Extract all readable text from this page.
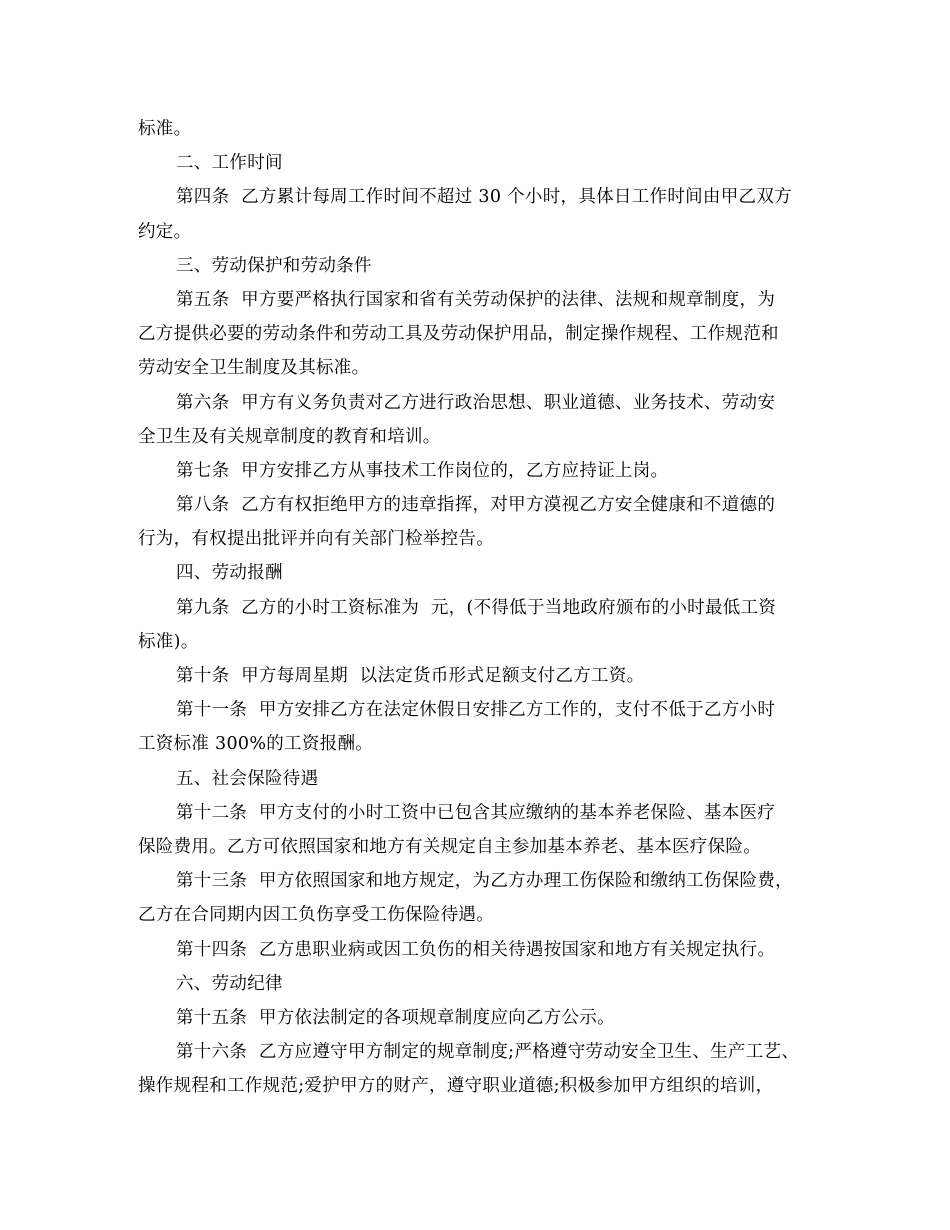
标准。
二、工作时间
第四条  乙方累计每周工作时间不超过 30 个小时，具体日工作时间由甲乙双方
约定。
三、劳动保护和劳动条件
第五条  甲方要严格执行国家和省有关劳动保护的法律、法规和规章制度，为
乙方提供必要的劳动条件和劳动工具及劳动保护用品，制定操作规程、工作规范和
劳动安全卫生制度及其标准。
第六条  甲方有义务负责对乙方进行政治思想、职业道德、业务技术、劳动安
全卫生及有关规章制度的教育和培训。
第七条  甲方安排乙方从事技术工作岗位的，乙方应持证上岗。
第八条  乙方有权拒绝甲方的违章指挥，对甲方漠视乙方安全健康和不道德的
行为，有权提出批评并向有关部门检举控告。
四、劳动报酬
第九条  乙方的小时工资标准为  元，(不得低于当地政府颁布的小时最低工资
标准)。
第十条  甲方每周星期  以法定货币形式足额支付乙方工资。
第十一条  甲方安排乙方在法定休假日安排乙方工作的，支付不低于乙方小时
工资标准 300%的工资报酬。
五、社会保险待遇
第十二条  甲方支付的小时工资中已包含其应缴纳的基本养老保险、基本医疗
保险费用。乙方可依照国家和地方有关规定自主参加基本养老、基本医疗保险。
第十三条  甲方依照国家和地方规定，为乙方办理工伤保险和缴纳工伤保险费，
乙方在合同期内因工负伤享受工伤保险待遇。
第十四条  乙方患职业病或因工负伤的相关待遇按国家和地方有关规定执行。
六、劳动纪律
第十五条  甲方依法制定的各项规章制度应向乙方公示。
第十六条  乙方应遵守甲方制定的规章制度;严格遵守劳动安全卫生、生产工艺、
操作规程和工作规范;爱护甲方的财产，遵守职业道德;积极参加甲方组织的培训，
